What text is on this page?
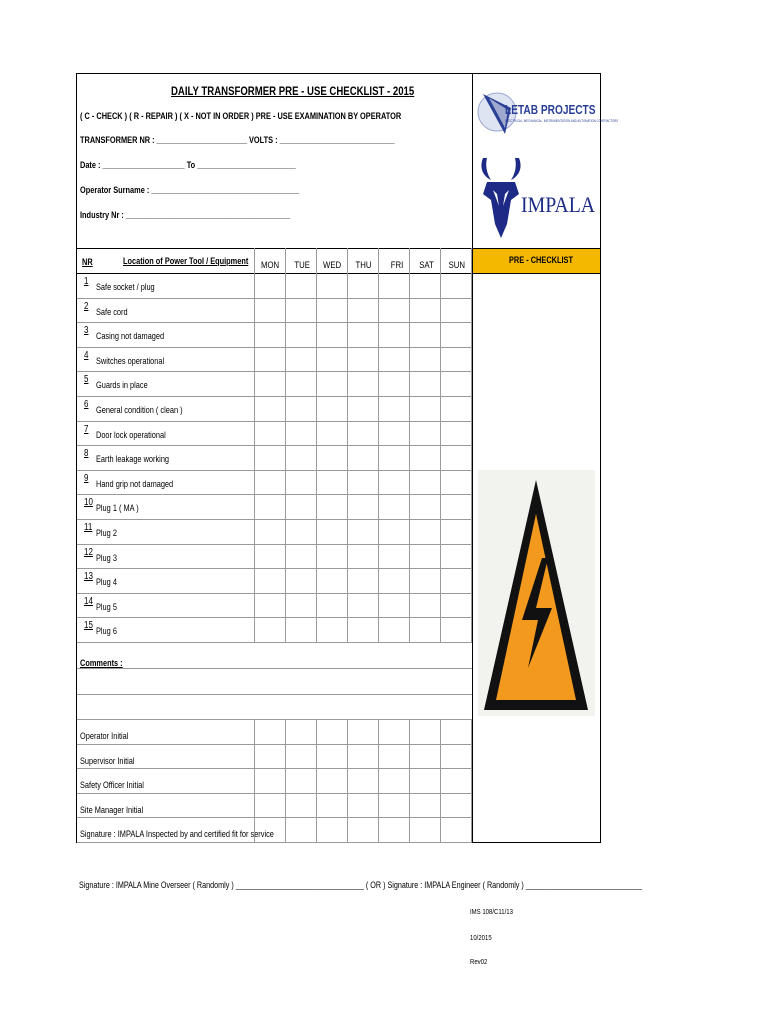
DAILY TRANSFORMER PRE - USE CHECKLIST - 2015
( C - CHECK ) ( R - REPAIR ) ( X - NOT IN ORDER ) PRE - USE EXAMINATION BY OPERATOR
TRANSFORMER NR : ______________________ VOLTS : ____________________________
Date : ____________________ To ________________________
Operator Surname : ____________________________________
Industry Nr : ________________________________________
LETAB PROJECTS
ELECTRICAL, MECHANICAL, INSTRUMENTATION AND AUTOMATION CONTRACTORS
IMPALA
PRE - CHECKLIST
NR	Location of Power Tool / Equipment MON TUE WED THU FRI SAT SUN
1 Safe socket / plug
2 Safe cord
3 Casing not damaged
4 Switches operational
5 Guards in place
6 General condition ( clean )
7 Door lock operational
8 Earth leakage working
9 Hand grip not damaged
10 Plug 1 ( MA )
11 Plug 2
12 Plug 3
13 Plug 4
14 Plug 5
15 Plug 6
Comments :
Operator Initial
Supervisor Initial
Safety Officer Initial
Site Manager Initial
Signature : IMPALA Inspected by and certified fit for service
Signature : IMPALA Mine Overseer ( Randomly ) ________________________________ ( OR ) Signature : IMPALA Engineer ( Randomly ) _____________________________
IMS 108/C11/13
10/2015
Rev02
